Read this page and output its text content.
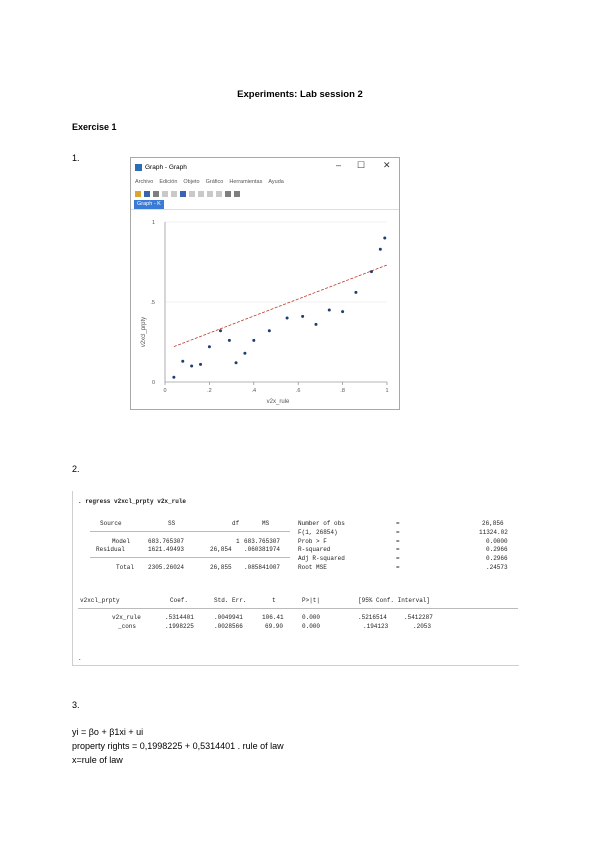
Experiments: Lab session 2
Exercise 1
1.
Graph - Graph	– ☐ ✕
Archivo Edición Objeto Gráfico Herramientas Ayuda
Graph - K
v2xcl_prpty
v2x_rule
0
.5
1
0	.2	.4	.6	.8	1
2.
. regress v2xcl_prpty v2x_rule
Source	SS	df	MS
Model	683.765307	1 683.765307
Residual	1621.49493	26,854 .060381974
Total 2305.26024	26,855 .085841007
Number of obs	=	26,856
F(1, 26854)	=	11324.02
Prob > F	=	0.0000
R-squared	=	0.2966
Adj R-squared	=	0.2966
Root MSE	=	.24573
v2xcl_prpty	Coef.	Std. Err.	t	P>|t|	[95% Conf. Interval]
v2x_rule	.5314401	.0049941	106.41	0.000	.5216514	.5412287
_cons	.1998225	.0028566	69.90	0.000	.194123	.2053
.
3.
yi = βo + β1xi + ui
property rights = 0,1998225 + 0,5314401 . rule of law
x=rule of law
